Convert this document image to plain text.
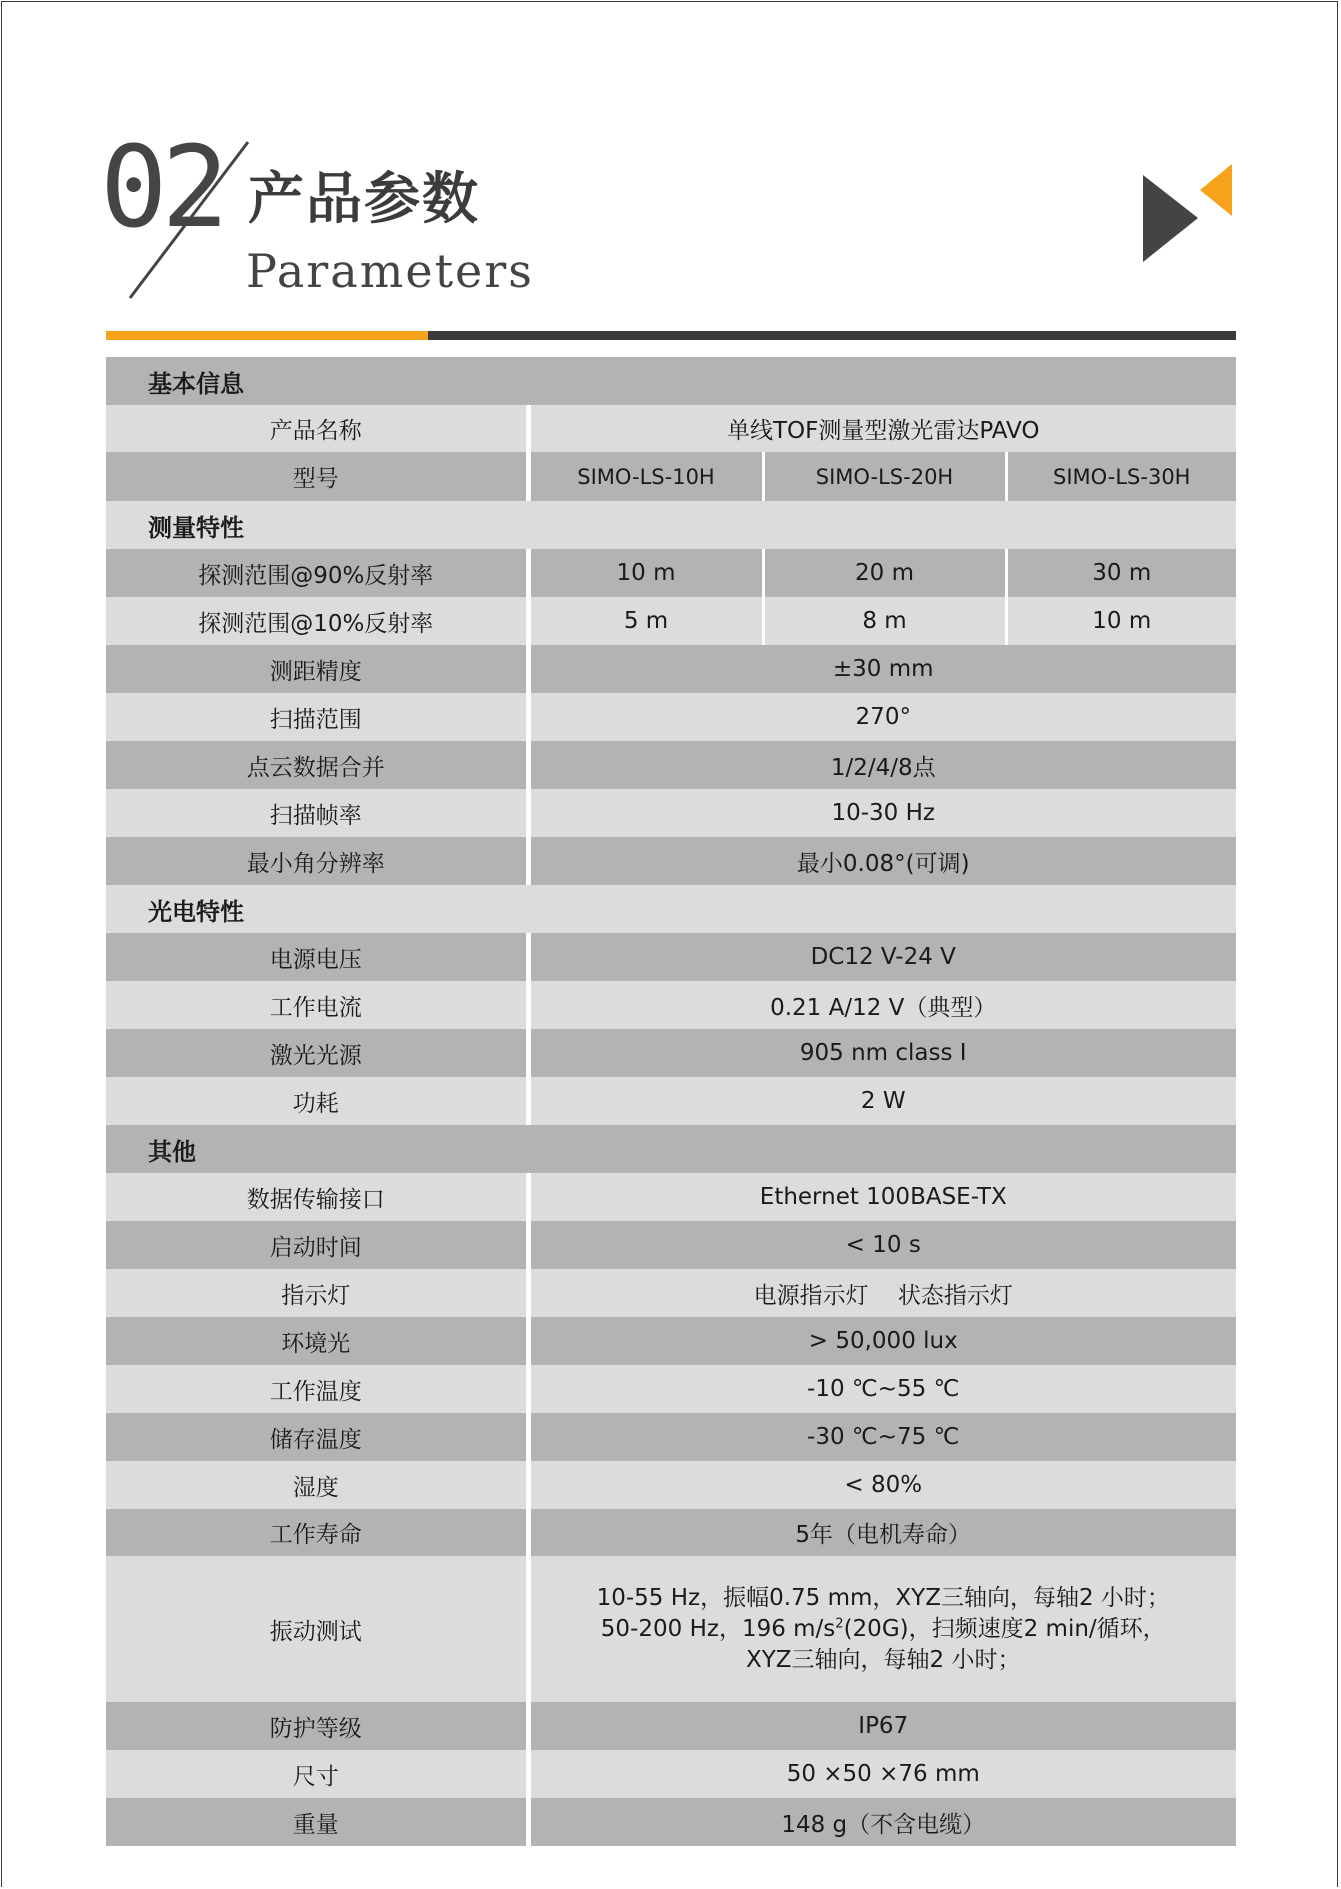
02 产品参数
Parameters
基本信息			
产品名称	单线TOF测量型激光雷达PAVO		
型号	SIMO-LS-10H	SIMO-LS-20H	SIMO-LS-30H
测量特性			
探测范围@90%反射率	10 m	20 m	30 m
探测范围@10%反射率	5 m	8 m	10 m
测距精度	±30 mm		
扫描范围	270°		
点云数据合并	1/2/4/8点		
扫描帧率	10-30 Hz		
最小角分辨率	最小0.08°(可调)		
光电特性			
电源电压	DC12 V-24 V		
工作电流	0.21 A/12 V（典型）		
激光光源	905 nm class I		
功耗	2 W		
其他			
数据传输接口	Ethernet 100BASE-TX		
启动时间	< 10 s		
指示灯	电源指示灯    状态指示灯		
环境光	> 50,000 lux		
工作温度	-10 ℃~55 ℃		
储存温度	-30 ℃~75 ℃		
湿度	< 80%		
工作寿命	5年（电机寿命）		
振动测试	10-55 Hz，振幅0.75 mm，XYZ三轴向，每轴2 小时；
50-200 Hz，196 $m/s^2(20G)$，扫频速度2 min/循环，
XYZ三轴向，每轴2 小时；		

防护等级	IP67		
尺寸	50 ×50 ×76 mm		
重量	148 g（不含电缆）		
